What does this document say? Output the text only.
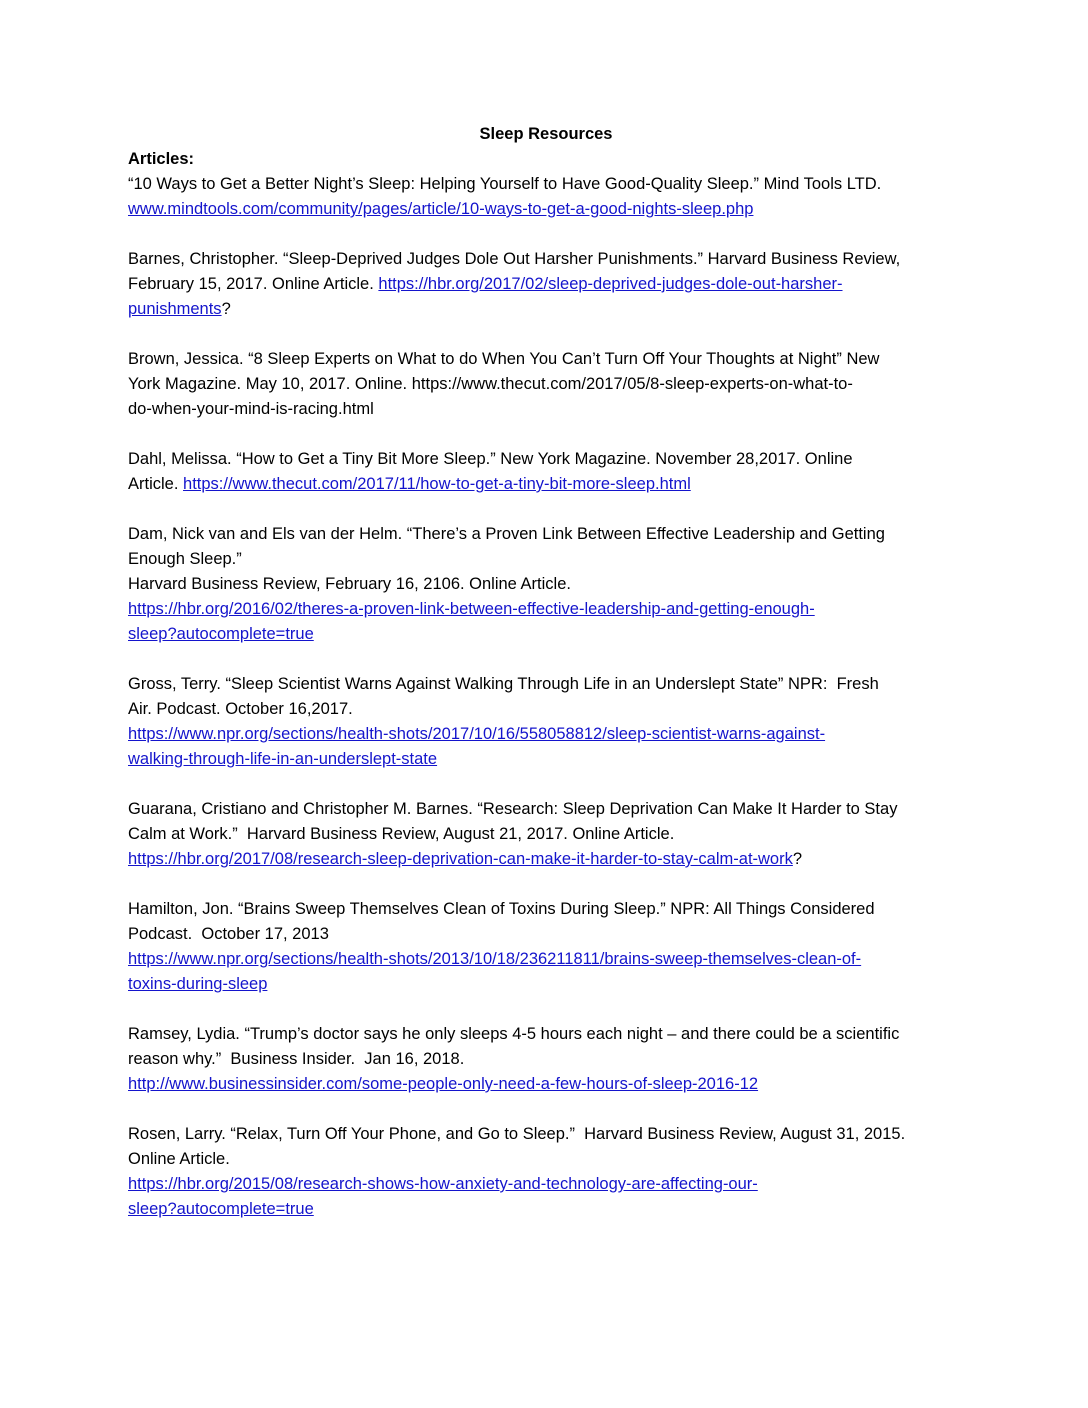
Sleep Resources

Articles:

“10 Ways to Get a Better Night’s Sleep: Helping Yourself to Have Good-Quality Sleep.” Mind Tools LTD.
www.mindtools.com/community/pages/article/10-ways-to-get-a-good-nights-sleep.php

Barnes, Christopher. “Sleep-Deprived Judges Dole Out Harsher Punishments.” Harvard Business Review,
February 15, 2017. Online Article. https://hbr.org/2017/02/sleep-deprived-judges-dole-out-harsher-
punishments?

Brown, Jessica. “8 Sleep Experts on What to do When You Can’t Turn Off Your Thoughts at Night” New
York Magazine. May 10, 2017. Online. https://www.thecut.com/2017/05/8-sleep-experts-on-what-to-
do-when-your-mind-is-racing.html

Dahl, Melissa. “How to Get a Tiny Bit More Sleep.” New York Magazine. November 28,2017. Online
Article. https://www.thecut.com/2017/11/how-to-get-a-tiny-bit-more-sleep.html

Dam, Nick van and Els van der Helm. “There’s a Proven Link Between Effective Leadership and Getting
Enough Sleep.”
Harvard Business Review, February 16, 2106. Online Article.
https://hbr.org/2016/02/theres-a-proven-link-between-effective-leadership-and-getting-enough-
sleep?autocomplete=true

Gross, Terry. “Sleep Scientist Warns Against Walking Through Life in an Underslept State” NPR:  Fresh
Air. Podcast. October 16,2017.
https://www.npr.org/sections/health-shots/2017/10/16/558058812/sleep-scientist-warns-against-
walking-through-life-in-an-underslept-state

Guarana, Cristiano and Christopher M. Barnes. “Research: Sleep Deprivation Can Make It Harder to Stay
Calm at Work.”  Harvard Business Review, August 21, 2017. Online Article.
https://hbr.org/2017/08/research-sleep-deprivation-can-make-it-harder-to-stay-calm-at-work?

Hamilton, Jon. “Brains Sweep Themselves Clean of Toxins During Sleep.” NPR: All Things Considered
Podcast.  October 17, 2013
https://www.npr.org/sections/health-shots/2013/10/18/236211811/brains-sweep-themselves-clean-of-
toxins-during-sleep

Ramsey, Lydia. “Trump’s doctor says he only sleeps 4-5 hours each night – and there could be a scientific
reason why.”  Business Insider.  Jan 16, 2018.
http://www.businessinsider.com/some-people-only-need-a-few-hours-of-sleep-2016-12

Rosen, Larry. “Relax, Turn Off Your Phone, and Go to Sleep.”  Harvard Business Review, August 31, 2015.
Online Article.
https://hbr.org/2015/08/research-shows-how-anxiety-and-technology-are-affecting-our-
sleep?autocomplete=true
